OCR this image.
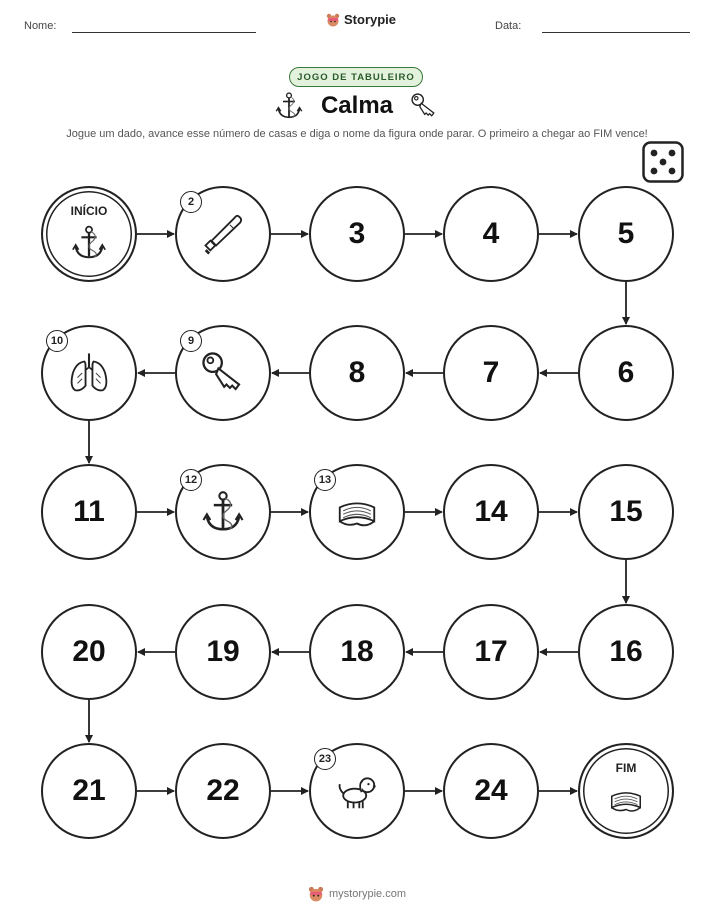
Nome:	Storypie	Data:
JOGO DE TABULEIRO
Calma
Jogue um dado, avance esse número de casas e diga o nome da figura onde parar. O primeiro a chegar ao FIM vence!
INÍCIO
2
3	4	5
6
7
8
9
10
11
12	13
14	15
16
17
18
19
20
21	22
23
24
FIM
mystorypie.com
